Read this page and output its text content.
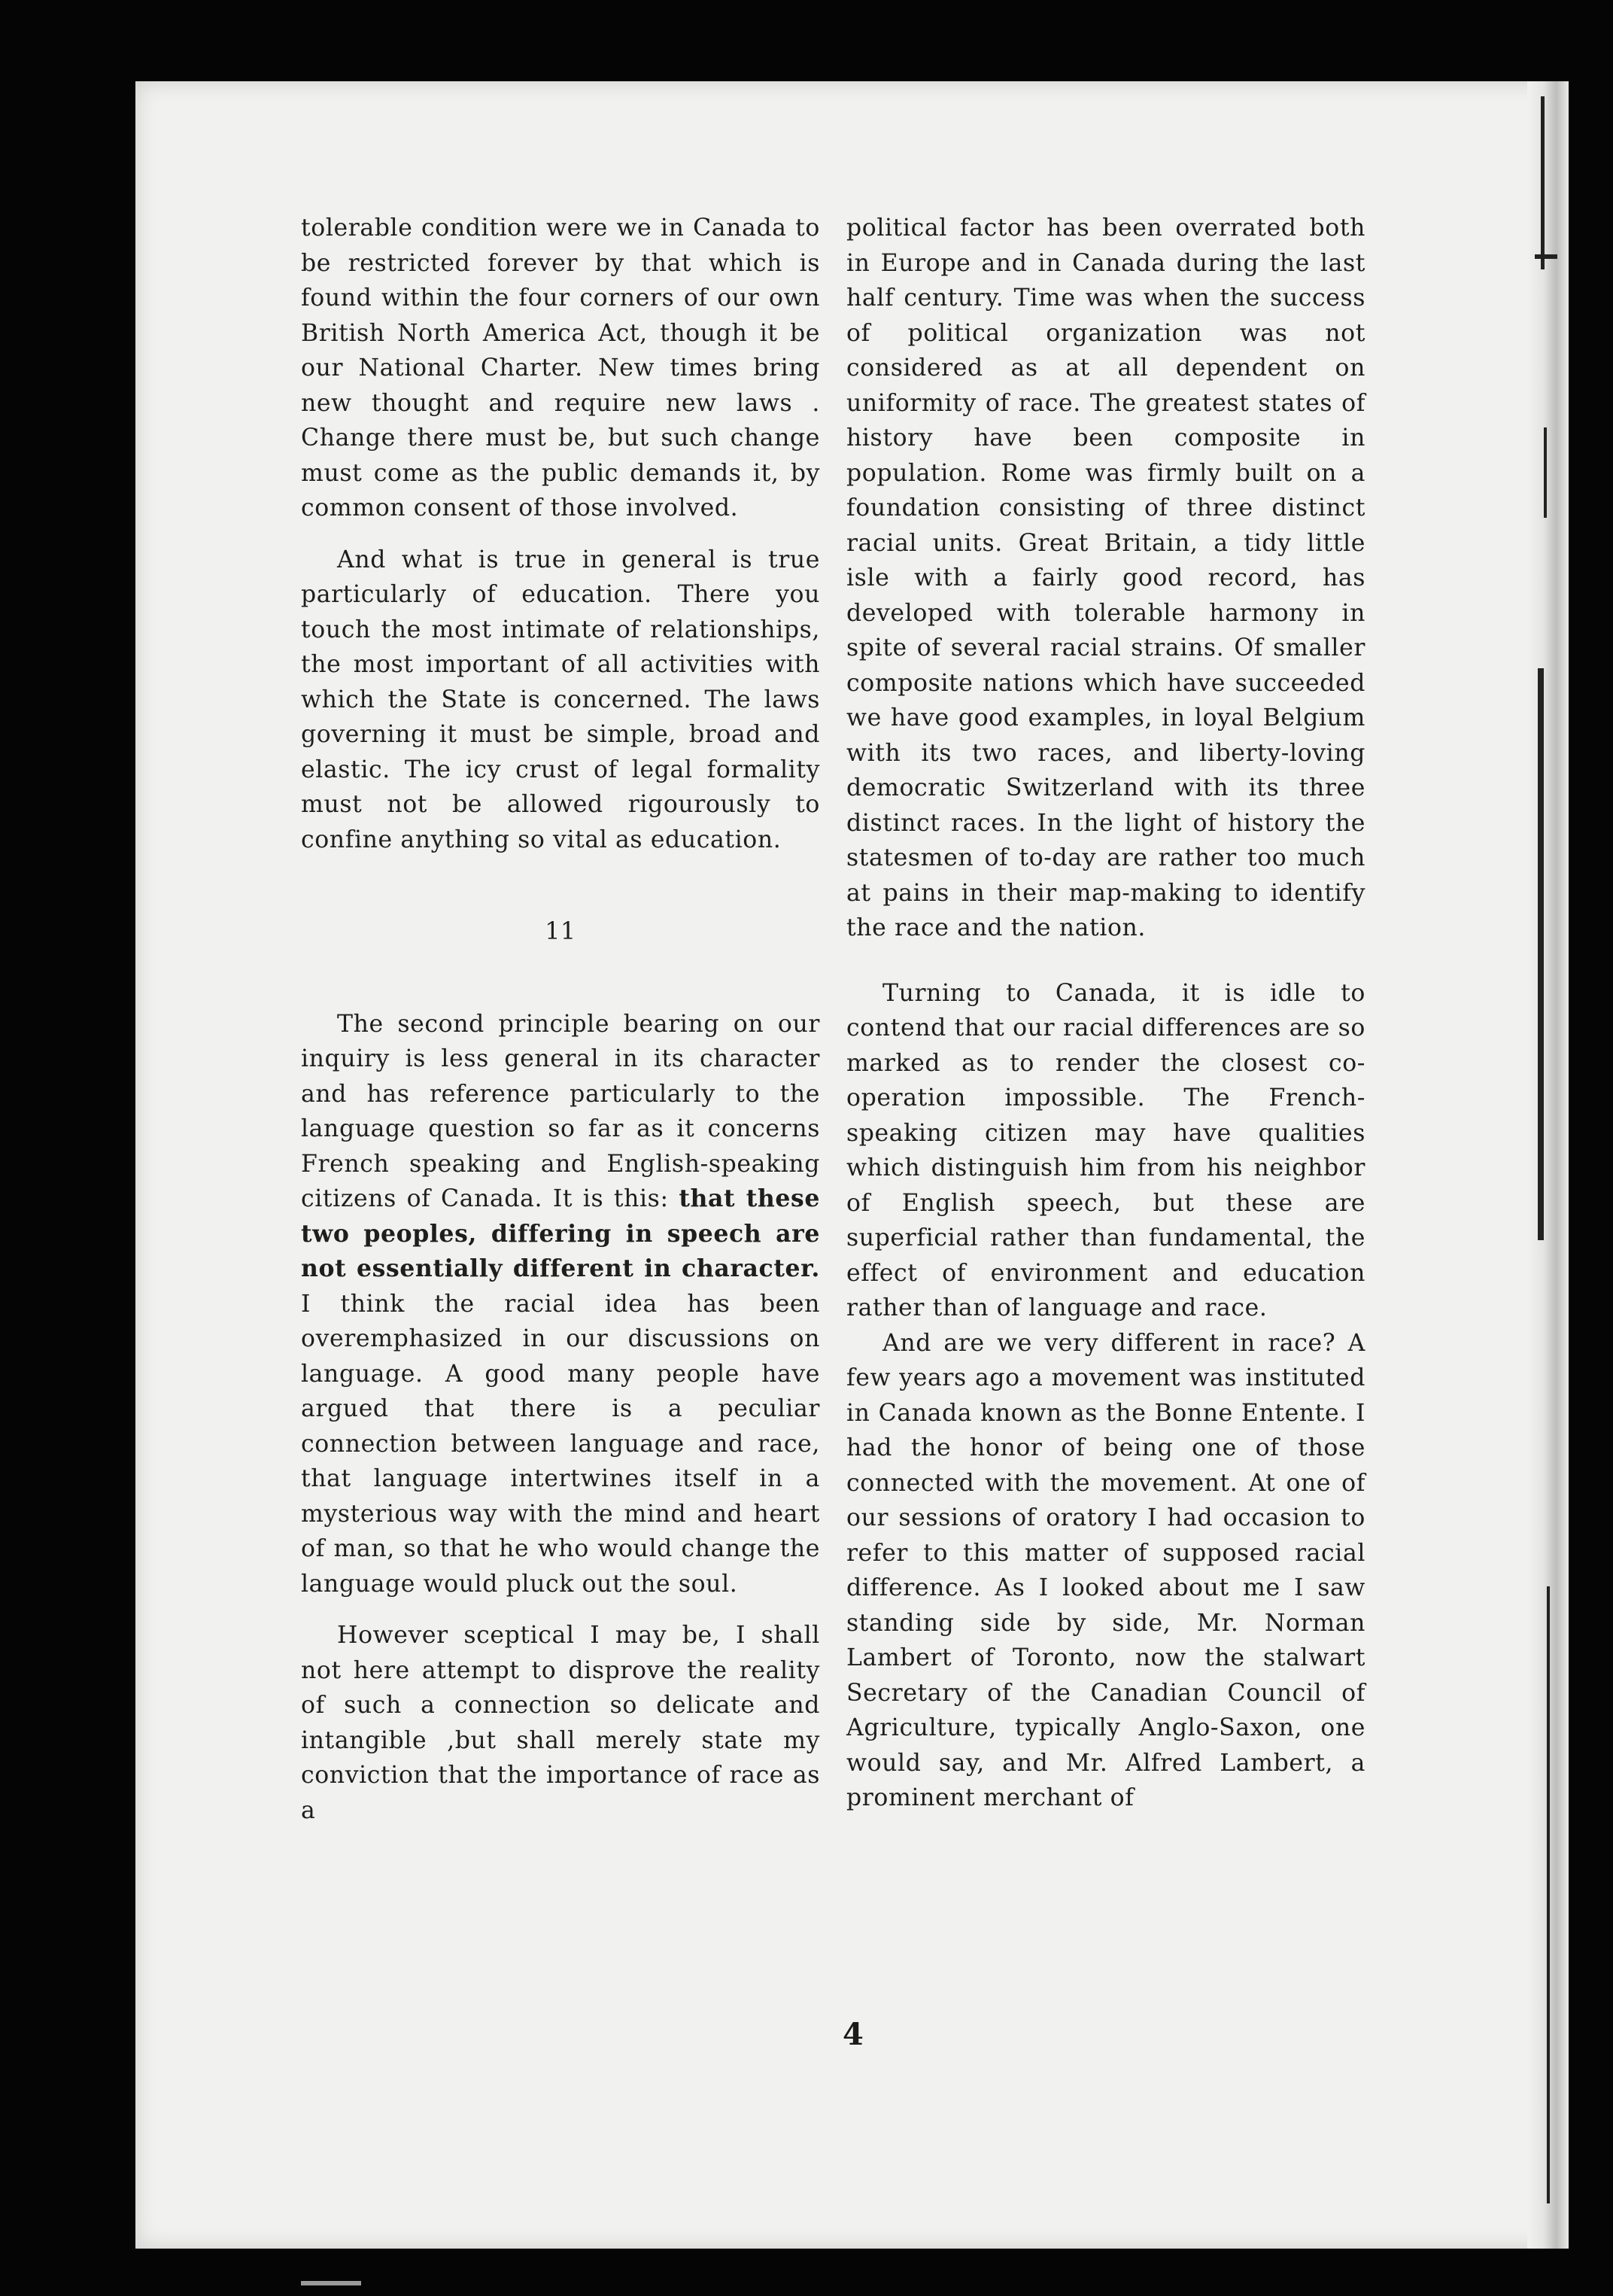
tolerable condition were we in Canada to be restricted forever by that which is found within the four corners of our own British North America Act, though it be our National Charter. New times bring new thought and require new laws . Change there must be, but such change must come as the public demands it, by common consent of those involved.

And what is true in general is true particularly of education. There you touch the most intimate of relationships, the most important of all activities with which the State is concerned. The laws governing it must be simple, broad and elastic. The icy crust of legal formality must not be allowed rigourously to confine anything so vital as education.

11

The second principle bearing on our inquiry is less general in its character and has reference particularly to the language question so far as it concerns French speaking and English-speaking citizens of Canada. It is this: that these two peoples, differing in speech are not essentially different in character. I think the racial idea has been overemphasized in our discussions on language. A good many people have argued that there is a peculiar connection between language and race, that language intertwines itself in a mysterious way with the mind and heart of man, so that he who would change the language would pluck out the soul.

However sceptical I may be, I shall not here attempt to disprove the reality of such a connection so delicate and intangible ,but shall merely state my conviction that the importance of race as a

political factor has been overrated both in Europe and in Canada during the last half century. Time was when the success of political organization was not considered as at all dependent on uniformity of race. The greatest states of history have been composite in population. Rome was firmly built on a foundation consisting of three distinct racial units. Great Britain, a tidy little isle with a fairly good record, has developed with tolerable harmony in spite of several racial strains. Of smaller composite nations which have succeeded we have good examples, in loyal Belgium with its two races, and liberty-loving democratic Switzerland with its three distinct races. In the light of history the statesmen of to-day are rather too much at pains in their map-making to identify the race and the nation.

Turning to Canada, it is idle to contend that our racial differences are so marked as to render the closest co-operation impossible. The French-speaking citizen may have qualities which distinguish him from his neighbor of English speech, but these are superficial rather than fundamental, the effect of environment and education rather than of language and race.

And are we very different in race? A few years ago a movement was instituted in Canada known as the Bonne Entente. I had the honor of being one of those connected with the movement. At one of our sessions of oratory I had occasion to refer to this matter of supposed racial difference. As I looked about me I saw standing side by side, Mr. Norman Lambert of Toronto, now the stalwart Secretary of the Canadian Council of Agriculture, typically Anglo-Saxon, one would say, and Mr. Alfred Lambert, a prominent merchant of

4
